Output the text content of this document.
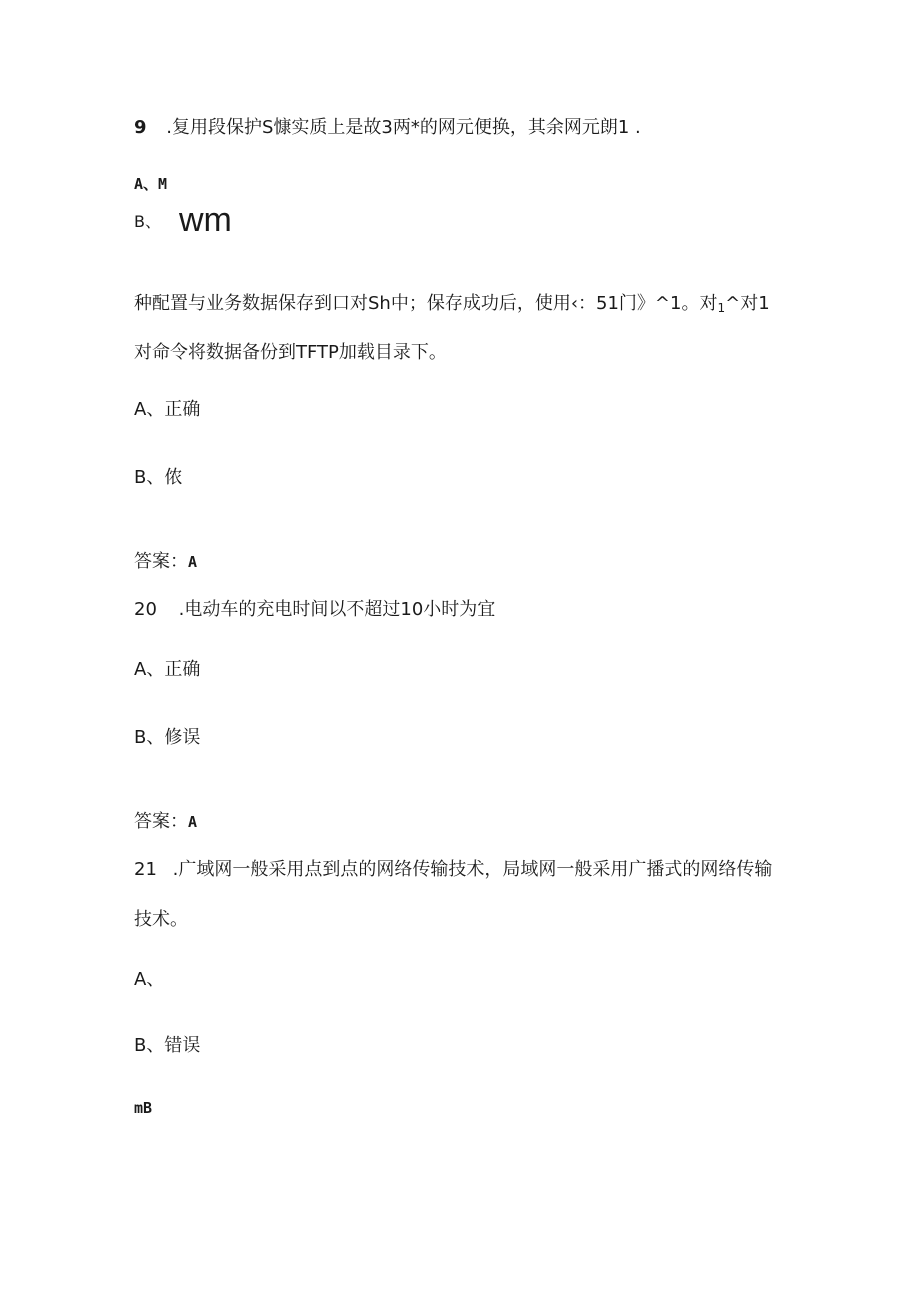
9 .复用段保护S慷实质上是故3两*的网元便换，其余网元朗1 .
A、M
B、 wm
种配置与业务数据保存到口对Sh中；保存成功后，使用‹：51门》^1。对$_1$^对1
对命令将数据备份到TFTP加载目录下。
A、正确
B、侬
答案：A
20 .电动车的充电时间以不超过10小时为宜
A、正确
B、修误
答案：A
21 .广域网一般采用点到点的网络传输技术，局域网一般采用广播式的网络传输
技术。
A、
B、错误
mB
